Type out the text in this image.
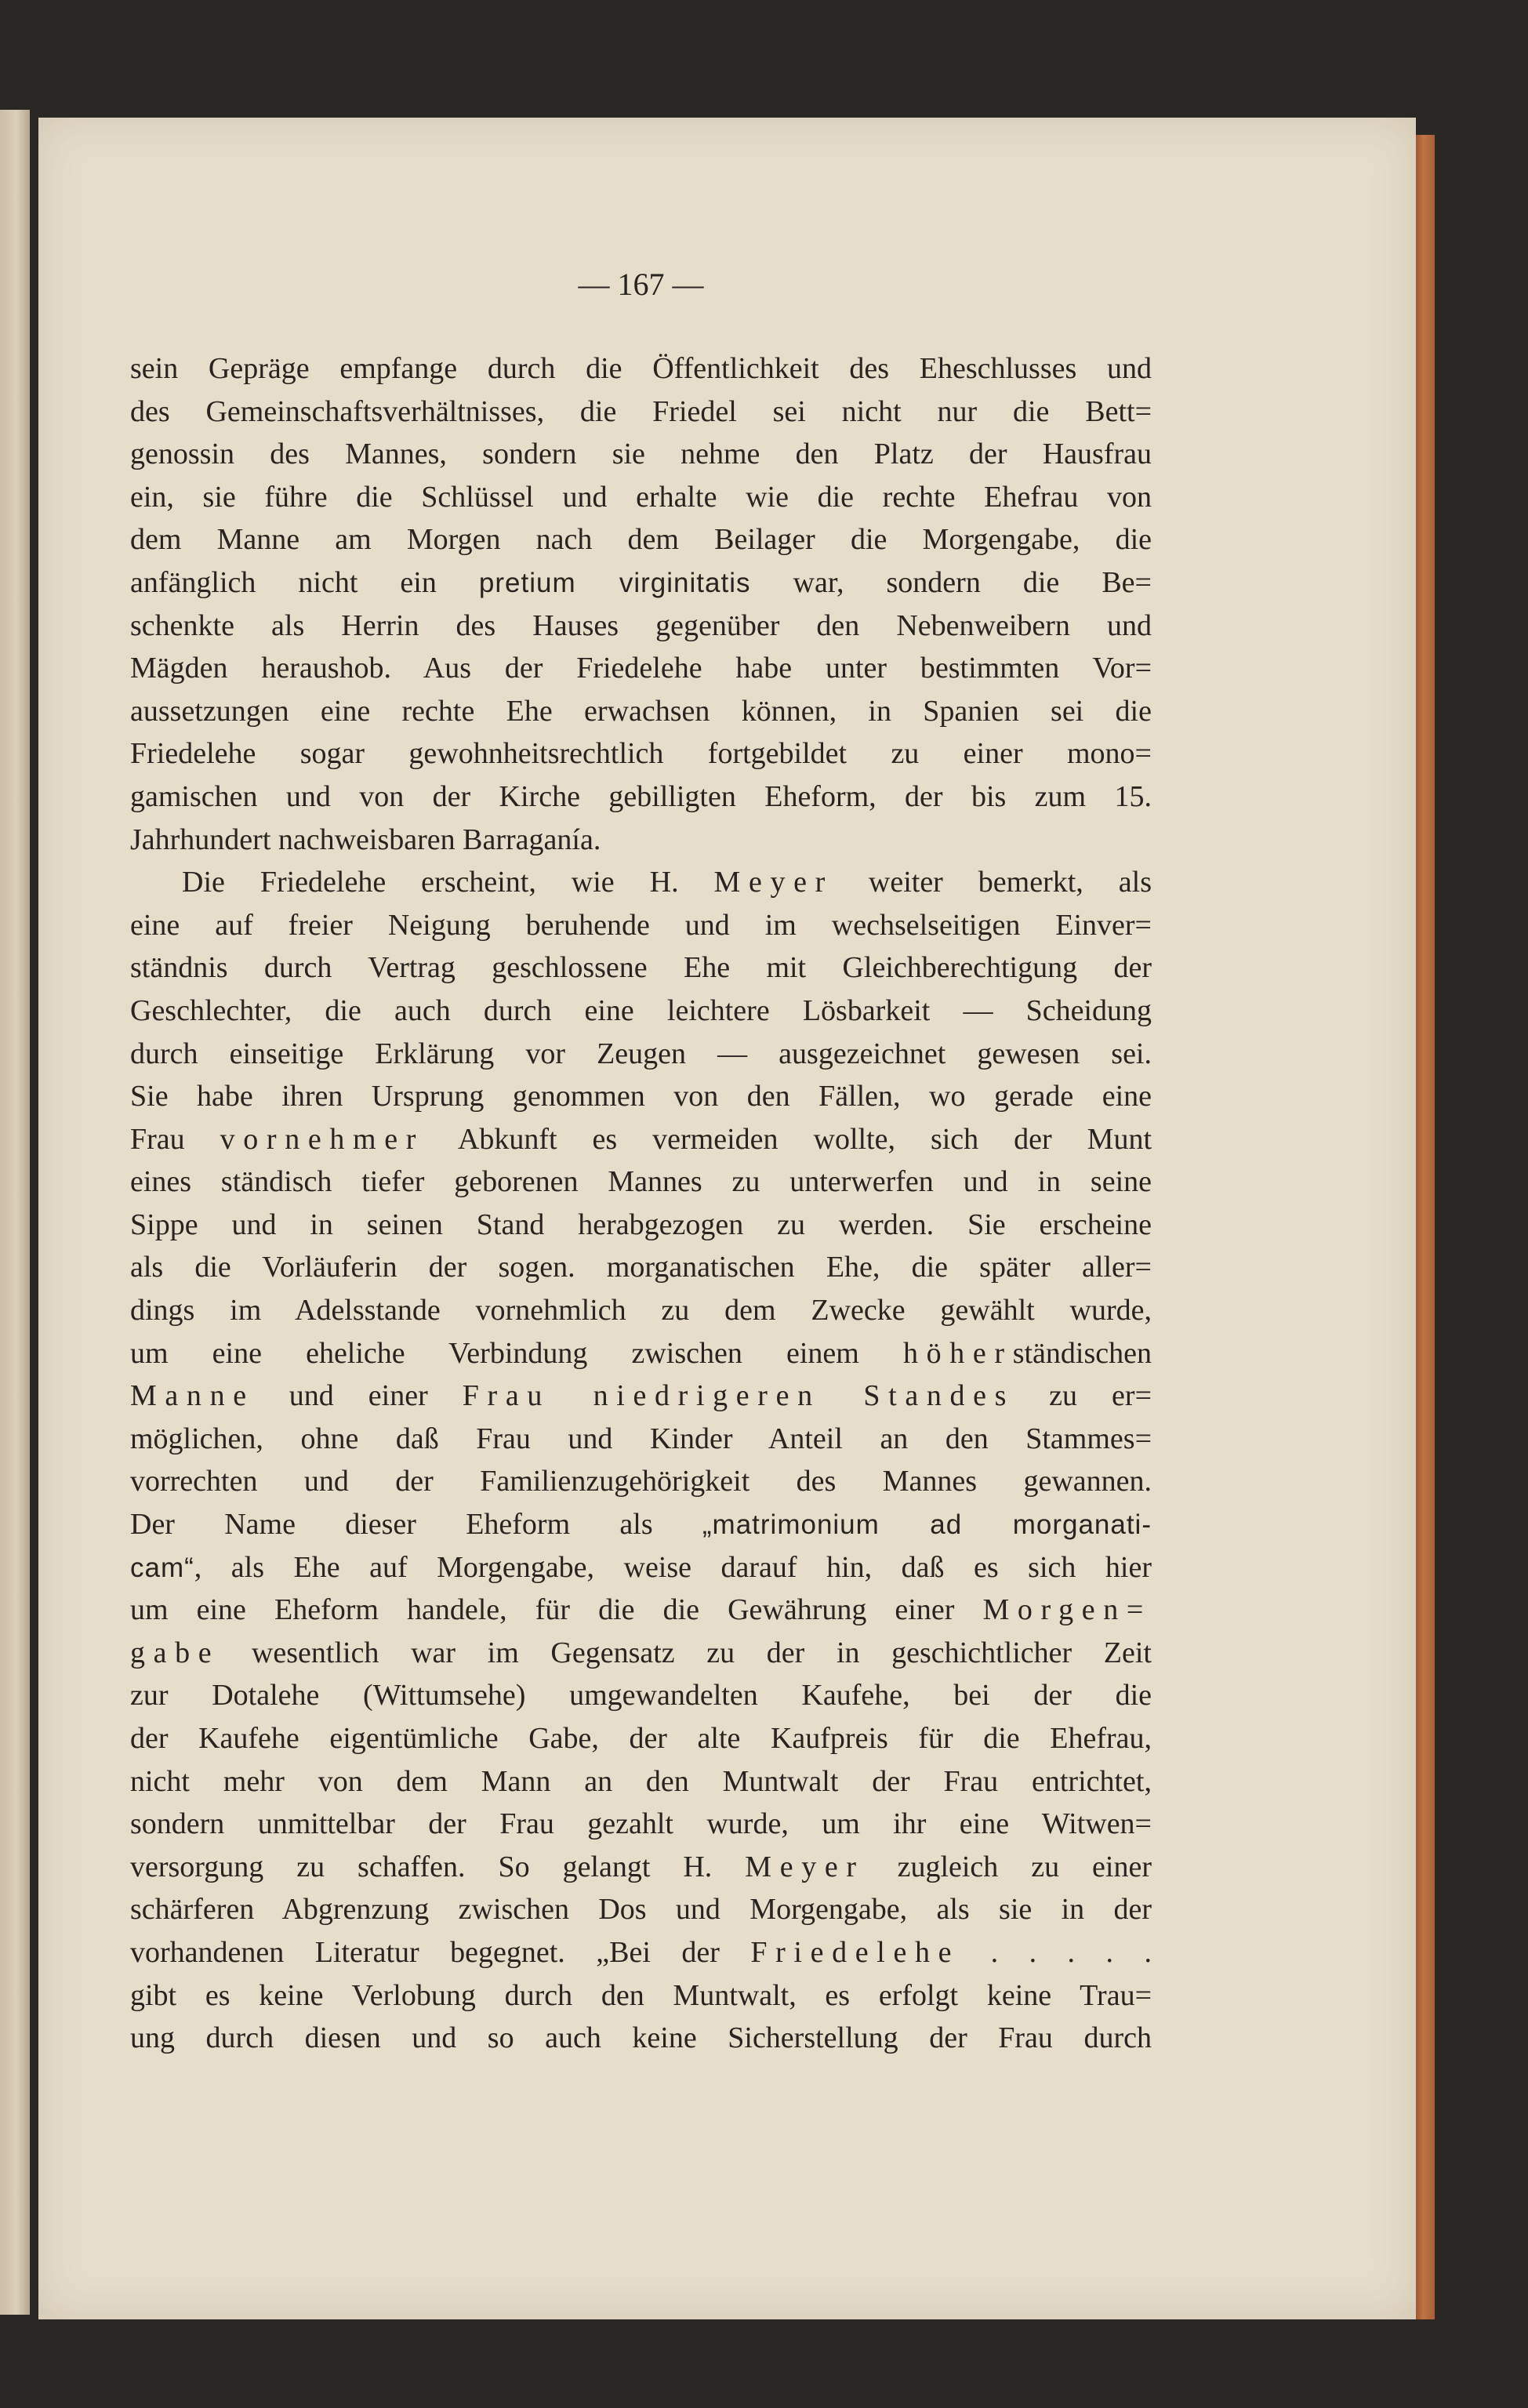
— 167 —
sein Gepräge empfange durch die Öffentlichkeit des Eheschlusses und
des Gemeinschaftsverhältnisses, die Friedel sei nicht nur die Bett=
genossin des Mannes, sondern sie nehme den Platz der Hausfrau
ein, sie führe die Schlüssel und erhalte wie die rechte Ehefrau von
dem Manne am Morgen nach dem Beilager die Morgengabe, die
anfänglich nicht ein pretium virginitatis war, sondern die Be=
schenkte als Herrin des Hauses gegenüber den Nebenweibern und
Mägden heraushob. Aus der Friedelehe habe unter bestimmten Vor=
aussetzungen eine rechte Ehe erwachsen können, in Spanien sei die
Friedelehe sogar gewohnheitsrechtlich fortgebildet zu einer mono=
gamischen und von der Kirche gebilligten Eheform, der bis zum 15.
Jahrhundert nachweisbaren Barraganía.
Die Friedelehe erscheint, wie H. Meyer weiter bemerkt, als
eine auf freier Neigung beruhende und im wechselseitigen Einver=
ständnis durch Vertrag geschlossene Ehe mit Gleichberechtigung der
Geschlechter, die auch durch eine leichtere Lösbarkeit — Scheidung
durch einseitige Erklärung vor Zeugen — ausgezeichnet gewesen sei.
Sie habe ihren Ursprung genommen von den Fällen, wo gerade eine
Frau vornehmer Abkunft es vermeiden wollte, sich der Munt
eines ständisch tiefer geborenen Mannes zu unterwerfen und in seine
Sippe und in seinen Stand herabgezogen zu werden. Sie erscheine
als die Vorläuferin der sogen. morganatischen Ehe, die später aller=
dings im Adelsstande vornehmlich zu dem Zwecke gewählt wurde,
um eine eheliche Verbindung zwischen einem höherständischen
Manne und einer Frau niedrigeren Standes zu er=
möglichen, ohne daß Frau und Kinder Anteil an den Stammes=
vorrechten und der Familienzugehörigkeit des Mannes gewannen.
Der Name dieser Eheform als „matrimonium ad morganati-
cam“, als Ehe auf Morgengabe, weise darauf hin, daß es sich hier
um eine Eheform handele, für die die Gewährung einer Morgen=
gabe wesentlich war im Gegensatz zu der in geschichtlicher Zeit
zur Dotalehe (Wittumsehe) umgewandelten Kaufehe, bei der die
der Kaufehe eigentümliche Gabe, der alte Kaufpreis für die Ehefrau,
nicht mehr von dem Mann an den Muntwalt der Frau entrichtet,
sondern unmittelbar der Frau gezahlt wurde, um ihr eine Witwen=
versorgung zu schaffen. So gelangt H. Meyer zugleich zu einer
schärferen Abgrenzung zwischen Dos und Morgengabe, als sie in der
vorhandenen Literatur begegnet. „Bei der Friedelehe . . . . .
gibt es keine Verlobung durch den Muntwalt, es erfolgt keine Trau=
ung durch diesen und so auch keine Sicherstellung der Frau durch
